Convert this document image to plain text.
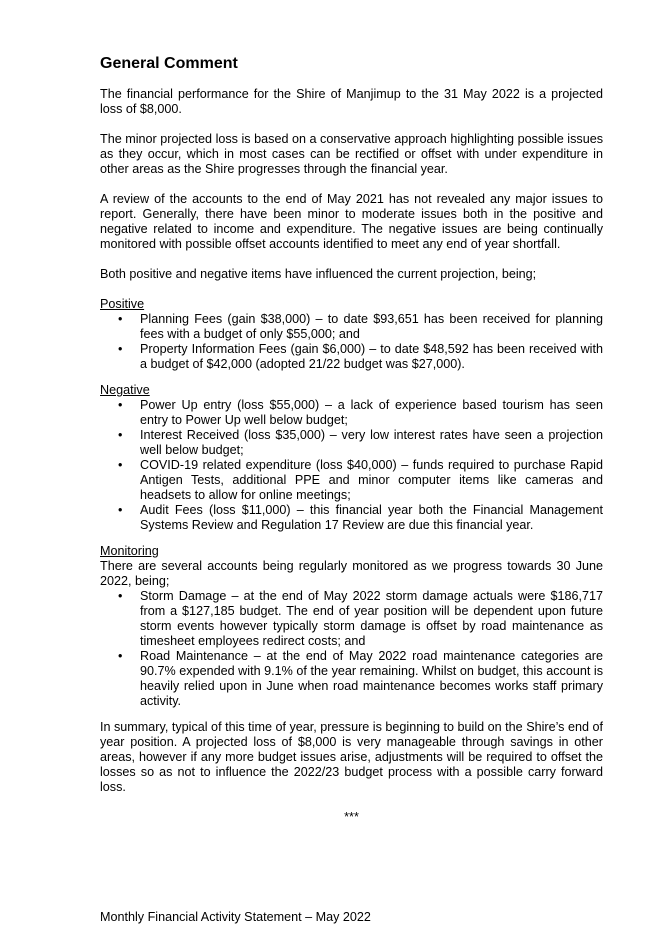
General Comment

The financial performance for the Shire of Manjimup to the 31 May 2022 is a projected loss of $8,000.

The minor projected loss is based on a conservative approach highlighting possible issues as they occur, which in most cases can be rectified or offset with under expenditure in other areas as the Shire progresses through the financial year.

A review of the accounts to the end of May 2021 has not revealed any major issues to report. Generally, there have been minor to moderate issues both in the positive and negative related to income and expenditure. The negative issues are being continually monitored with possible offset accounts identified to meet any end of year shortfall.

Both positive and negative items have influenced the current projection, being;

Positive
• Planning Fees (gain $38,000) – to date $93,651 has been received for planning fees with a budget of only $55,000; and
• Property Information Fees (gain $6,000) – to date $48,592 has been received with a budget of $42,000 (adopted 21/22 budget was $27,000).
Negative
• Power Up entry (loss $55,000) – a lack of experience based tourism has seen entry to Power Up well below budget;
• Interest Received (loss $35,000) – very low interest rates have seen a projection well below budget;
• COVID-19 related expenditure (loss $40,000) – funds required to purchase Rapid Antigen Tests, additional PPE and minor computer items like cameras and headsets to allow for online meetings;
• Audit Fees (loss $11,000) – this financial year both the Financial Management Systems Review and Regulation 17 Review are due this financial year.
Monitoring
There are several accounts being regularly monitored as we progress towards 30 June 2022, being;
• Storm Damage – at the end of May 2022 storm damage actuals were $186,717 from a $127,185 budget. The end of year position will be dependent upon future storm events however typically storm damage is offset by road maintenance as timesheet employees redirect costs; and
• Road Maintenance – at the end of May 2022 road maintenance categories are 90.7% expended with 9.1% of the year remaining. Whilst on budget, this account is heavily relied upon in June when road maintenance becomes works staff primary activity.

In summary, typical of this time of year, pressure is beginning to build on the Shire’s end of year position. A projected loss of $8,000 is very manageable through savings in other areas, however if any more budget issues arise, adjustments will be required to offset the losses so as not to influence the 2022/23 budget process with a possible carry forward loss.

***
Monthly Financial Activity Statement – May 2022
